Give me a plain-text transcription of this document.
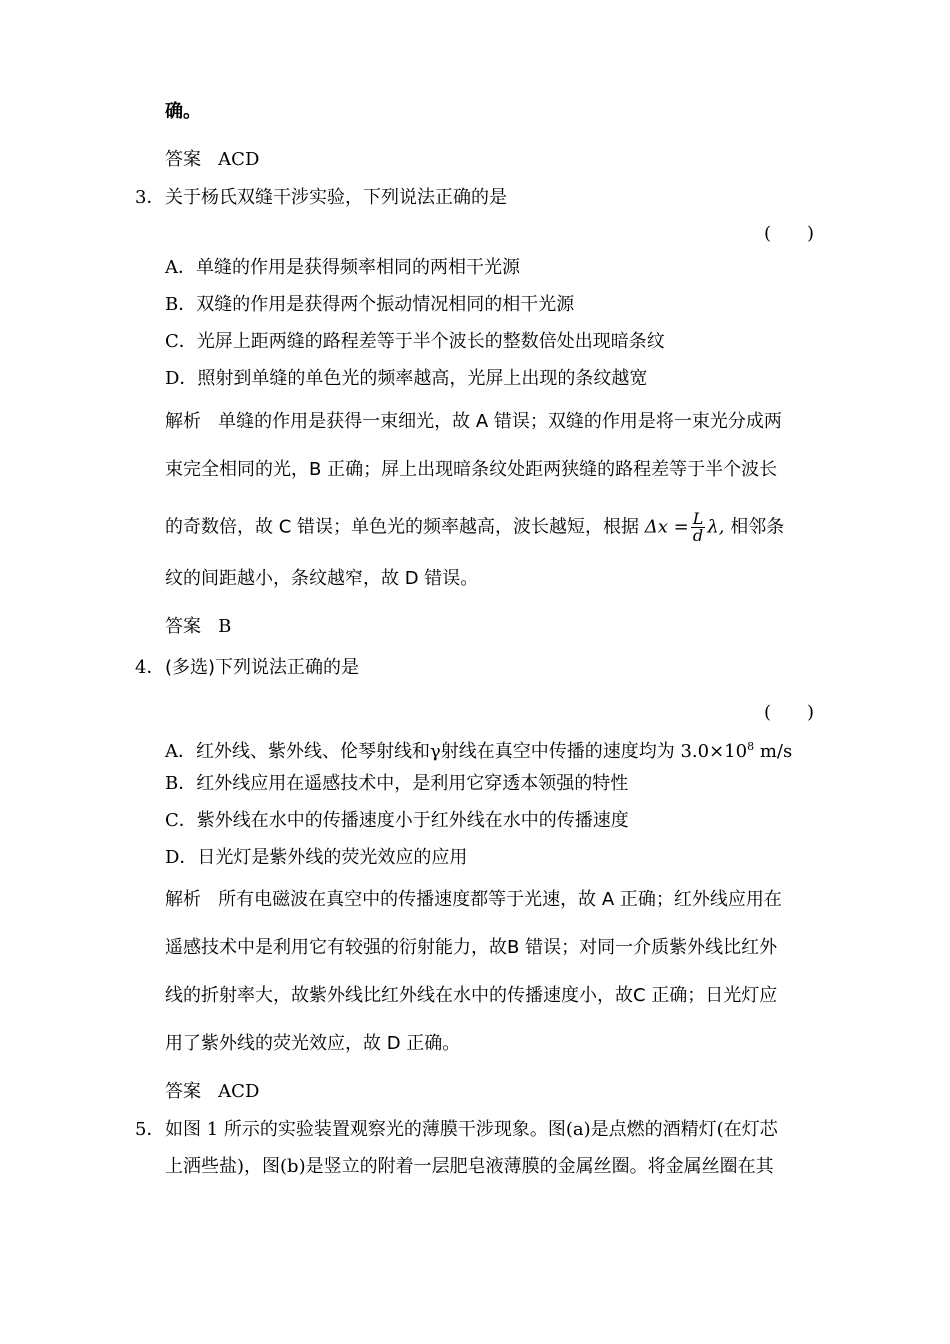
确。
答案 ACD
3． 关于杨氏双缝干涉实验，下列说法正确的是
(　　)
A．单缝的作用是获得频率相同的两相干光源
B．双缝的作用是获得两个振动情况相同的相干光源
C．光屏上距两缝的路程差等于半个波长的整数倍处出现暗条纹
D．照射到单缝的单色光的频率越高，光屏上出现的条纹越宽
解析 单缝的作用是获得一束细光，故 A 错误；双缝的作用是将一束光分成两
束完全相同的光，B 正确；屏上出现暗条纹处距两狭缝的路程差等于半个波长
的奇数倍，故 C 错误；单色光的频率越高，波长越短，根据 $\Delta x = \frac{L}{d} \lambda$, 相邻条
纹的间距越小，条纹越窄，故 D 错误。
答案 B
4． (多选)下列说法正确的是
(　　)
A．红外线、紫外线、伦琴射线和γ射线在真空中传播的速度均为 $3.0\times 10^8$ m/s
B．红外线应用在遥感技术中，是利用它穿透本领强的特性
C．紫外线在水中的传播速度小于红外线在水中的传播速度
D．日光灯是紫外线的荧光效应的应用
解析 所有电磁波在真空中的传播速度都等于光速，故 A 正确；红外线应用在
遥感技术中是利用它有较强的衍射能力，故B 错误；对同一介质紫外线比红外
线的折射率大，故紫外线比红外线在水中的传播速度小，故C 正确；日光灯应
用了紫外线的荧光效应，故 D 正确。
答案 ACD
5． 如图 1 所示的实验装置观察光的薄膜干涉现象。图(a)是点燃的酒精灯(在灯芯
上洒些盐)，图(b)是竖立的附着一层肥皂液薄膜的金属丝圈。将金属丝圈在其
